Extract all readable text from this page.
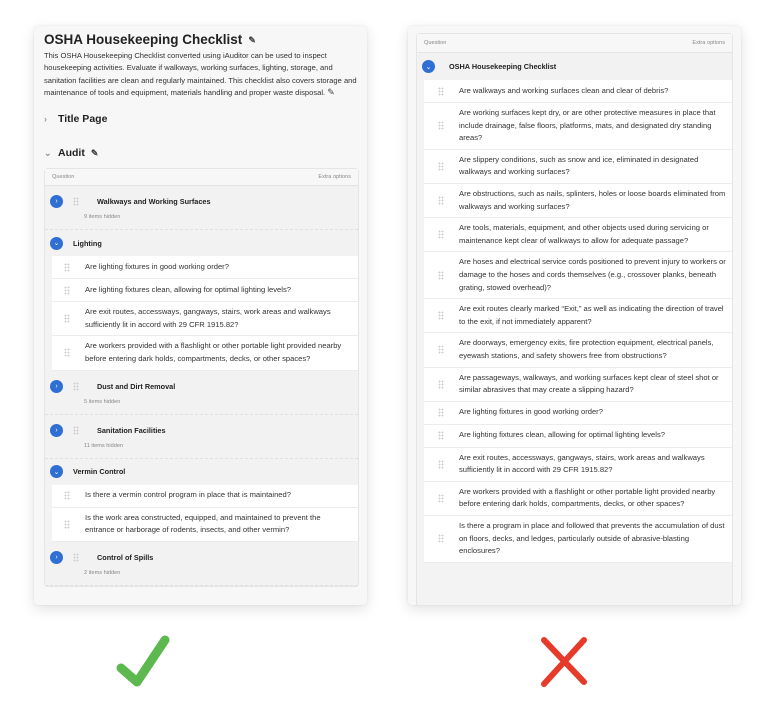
OSHA Housekeeping Checklist ✎
This OSHA Housekeeping Checklist converted using iAuditor can be used to inspect housekeeping activities. Evaluate if walkways, working surfaces, lighting, storage, and sanitation facilities are clean and regularly maintained. This checklist also covers storage and maintenance of tools and equipment, materials handling and proper waste disposal. ✎
›	Title Page
⌄ Audit ✎
Question	Extra options
›	Walkways and Working Surfaces
9 items hidden
⌄ Lighting
Are lighting fixtures in good working order?
Are lighting fixtures clean, allowing for optimal lighting levels?
Are exit routes, accessways, gangways, stairs, work areas and walkways sufficiently lit in accord with 29 CFR 1915.82?
Are workers provided with a flashlight or other portable light provided nearby before entering dark holds, compartments, decks, or other spaces?
›	Dust and Dirt Removal
5 items hidden
›	Sanitation Facilities
11 items hidden
⌄ Vermin Control
Is there a vermin control program in place that is maintained?
Is the work area constructed, equipped, and maintained to prevent the entrance or harborage of rodents, insects, and other vermin?
›	Control of Spills
2 items hidden
Question	Extra options
⌄ OSHA Housekeeping Checklist
Are walkways and working surfaces clean and clear of debris?
Are working surfaces kept dry, or are other protective measures in place that include drainage, false floors, platforms, mats, and designated dry standing areas?
Are slippery conditions, such as snow and ice, eliminated in designated walkways and working surfaces?
Are obstructions, such as nails, splinters, holes or loose boards eliminated from walkways and working surfaces?
Are tools, materials, equipment, and other objects used during servicing or maintenance kept clear of walkways to allow for adequate passage?
Are hoses and electrical service cords positioned to prevent injury to workers or damage to the hoses and cords themselves (e.g., crossover planks, beneath grating, stowed overhead)?
Are exit routes clearly marked “Exit,” as well as indicating the direction of travel to the exit, if not immediately apparent?
Are doorways, emergency exits, fire protection equipment, electrical panels, eyewash stations, and safety showers free from obstructions?
Are passageways, walkways, and working surfaces kept clear of steel shot or similar abrasives that may create a slipping hazard?
Are lighting fixtures in good working order?
Are lighting fixtures clean, allowing for optimal lighting levels?
Are exit routes, accessways, gangways, stairs, work areas and walkways sufficiently lit in accord with 29 CFR 1915.82?
Are workers provided with a flashlight or other portable light provided nearby before entering dark holds, compartments, decks, or other spaces?
Is there a program in place and followed that prevents the accumulation of dust on floors, decks, and ledges, particularly outside of abrasive-blasting enclosures?
